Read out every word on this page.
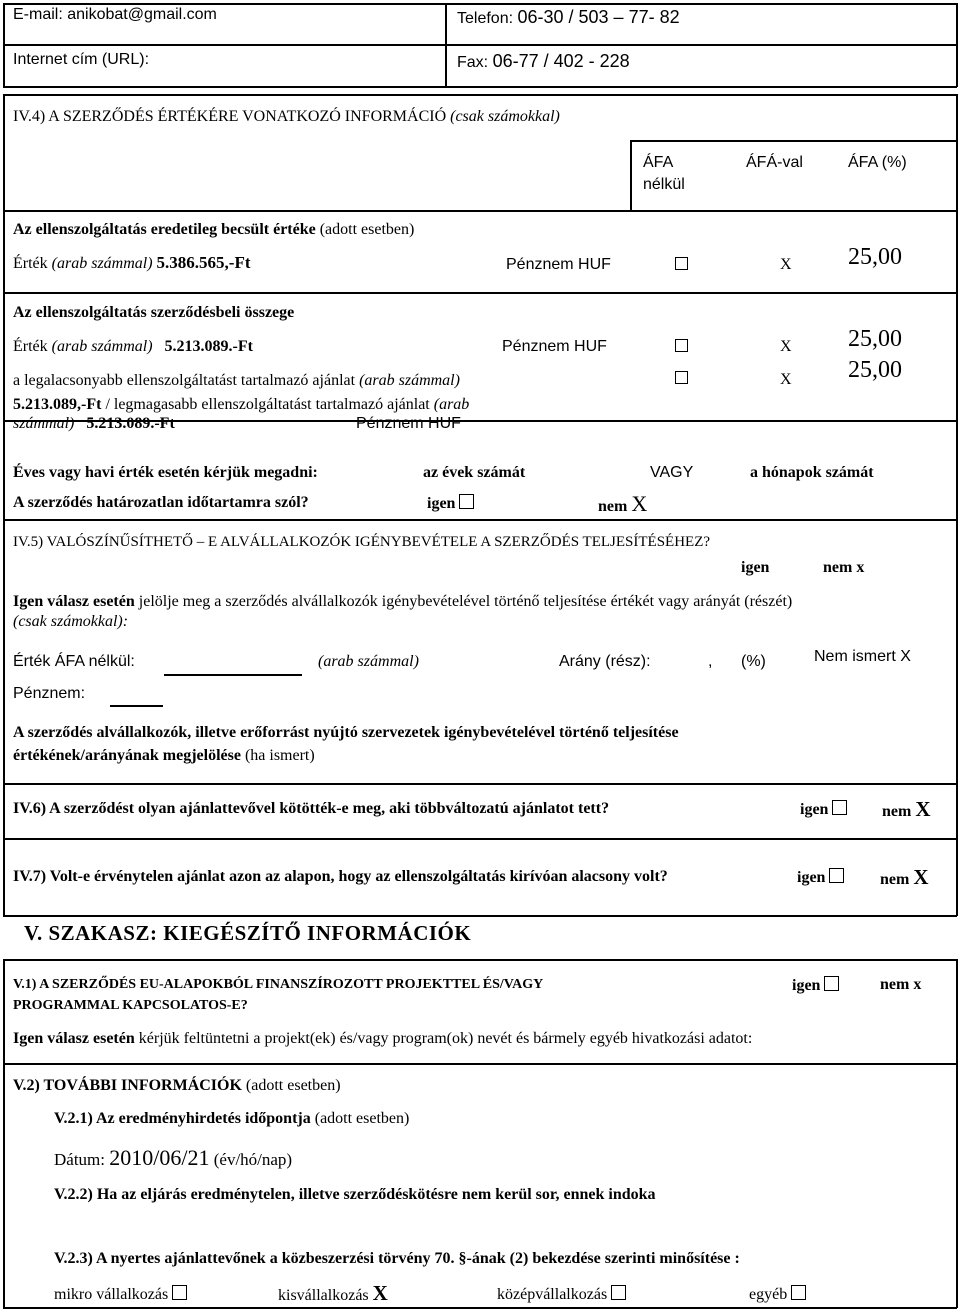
E-mail: anikobat@gmail.com	Telefon: 06-30 / 503 – 77- 82
Internet cím (URL):	Fax: 06-77 / 402 - 228
IV.4) A SZERZŐDÉS ÉRTÉKÉRE VONATKOZÓ INFORMÁCIÓ (csak számokkal)
ÁFA
nélkül
ÁFÁ-val	ÁFA (%)
Az ellenszolgáltatás eredetileg becsült értéke (adott esetben)
Érték (arab számmal) 5.386.565,-Ft	Pénznem HUF	X 25,00
Az ellenszolgáltatás szerződésbeli összege
Érték (arab számmal) 5.213.089.-Ft	Pénznem HUF	X 25,00
a legalacsonyabb ellenszolgáltatást tartalmazó ajánlat (arab számmal)	X 25,00
5.213.089,-Ft / legmagasabb ellenszolgáltatást tartalmazó ajánlat (arab
számmal) 5.213.089.-Ft	Pénznem HUF
Éves vagy havi érték esetén kérjük megadni:	az évek számát	VAGY	a hónapok számát
A szerződés határozatlan időtartamra szól?	igen	nem X
IV.5) VALÓSZÍNŰSÍTHETŐ – E ALVÁLLALKOZÓK IGÉNYBEVÉTELE A SZERZŐDÉS TELJESÍTÉSÉHEZ?
igen	nem x
Igen válasz esetén jelölje meg a szerződés alvállalkozók igénybevételével történő teljesítése értékét vagy arányát (részét)
(csak számokkal):
Érték ÁFA nélkül:	(arab számmal)	Arány (rész):	, (%)	Nem ismert X
Pénznem:
A szerződés alvállalkozók, illetve erőforrást nyújtó szervezetek igénybevételével történő teljesítése
értékének/arányának megjelölése (ha ismert)
IV.6) A szerződést olyan ajánlattevővel kötötték-e meg, aki többváltozatú ajánlatot tett?	igen	nem X
IV.7) Volt-e érvénytelen ajánlat azon az alapon, hogy az ellenszolgáltatás kirívóan alacsony volt?	igen	nem X
V. SZAKASZ: KIEGÉSZÍTŐ INFORMÁCIÓK
V.1) A SZERZŐDÉS EU-ALAPOKBÓL FINANSZÍROZOTT PROJEKTTEL ÉS/VAGY
PROGRAMMAL KAPCSOLATOS-E?
igen	nem x
Igen válasz esetén kérjük feltüntetni a projekt(ek) és/vagy program(ok) nevét és bármely egyéb hivatkozási adatot:
V.2) TOVÁBBI INFORMÁCIÓK (adott esetben)
V.2.1) Az eredményhirdetés időpontja (adott esetben)
Dátum: 2010/06/21 (év/hó/nap)
V.2.2) Ha az eljárás eredménytelen, illetve szerződéskötésre nem kerül sor, ennek indoka
V.2.3) A nyertes ajánlattevőnek a közbeszerzési törvény 70. §-ának (2) bekezdése szerinti minősítése :
mikro vállalkozás	kisvállalkozás X	középvállalkozás	egyéb
